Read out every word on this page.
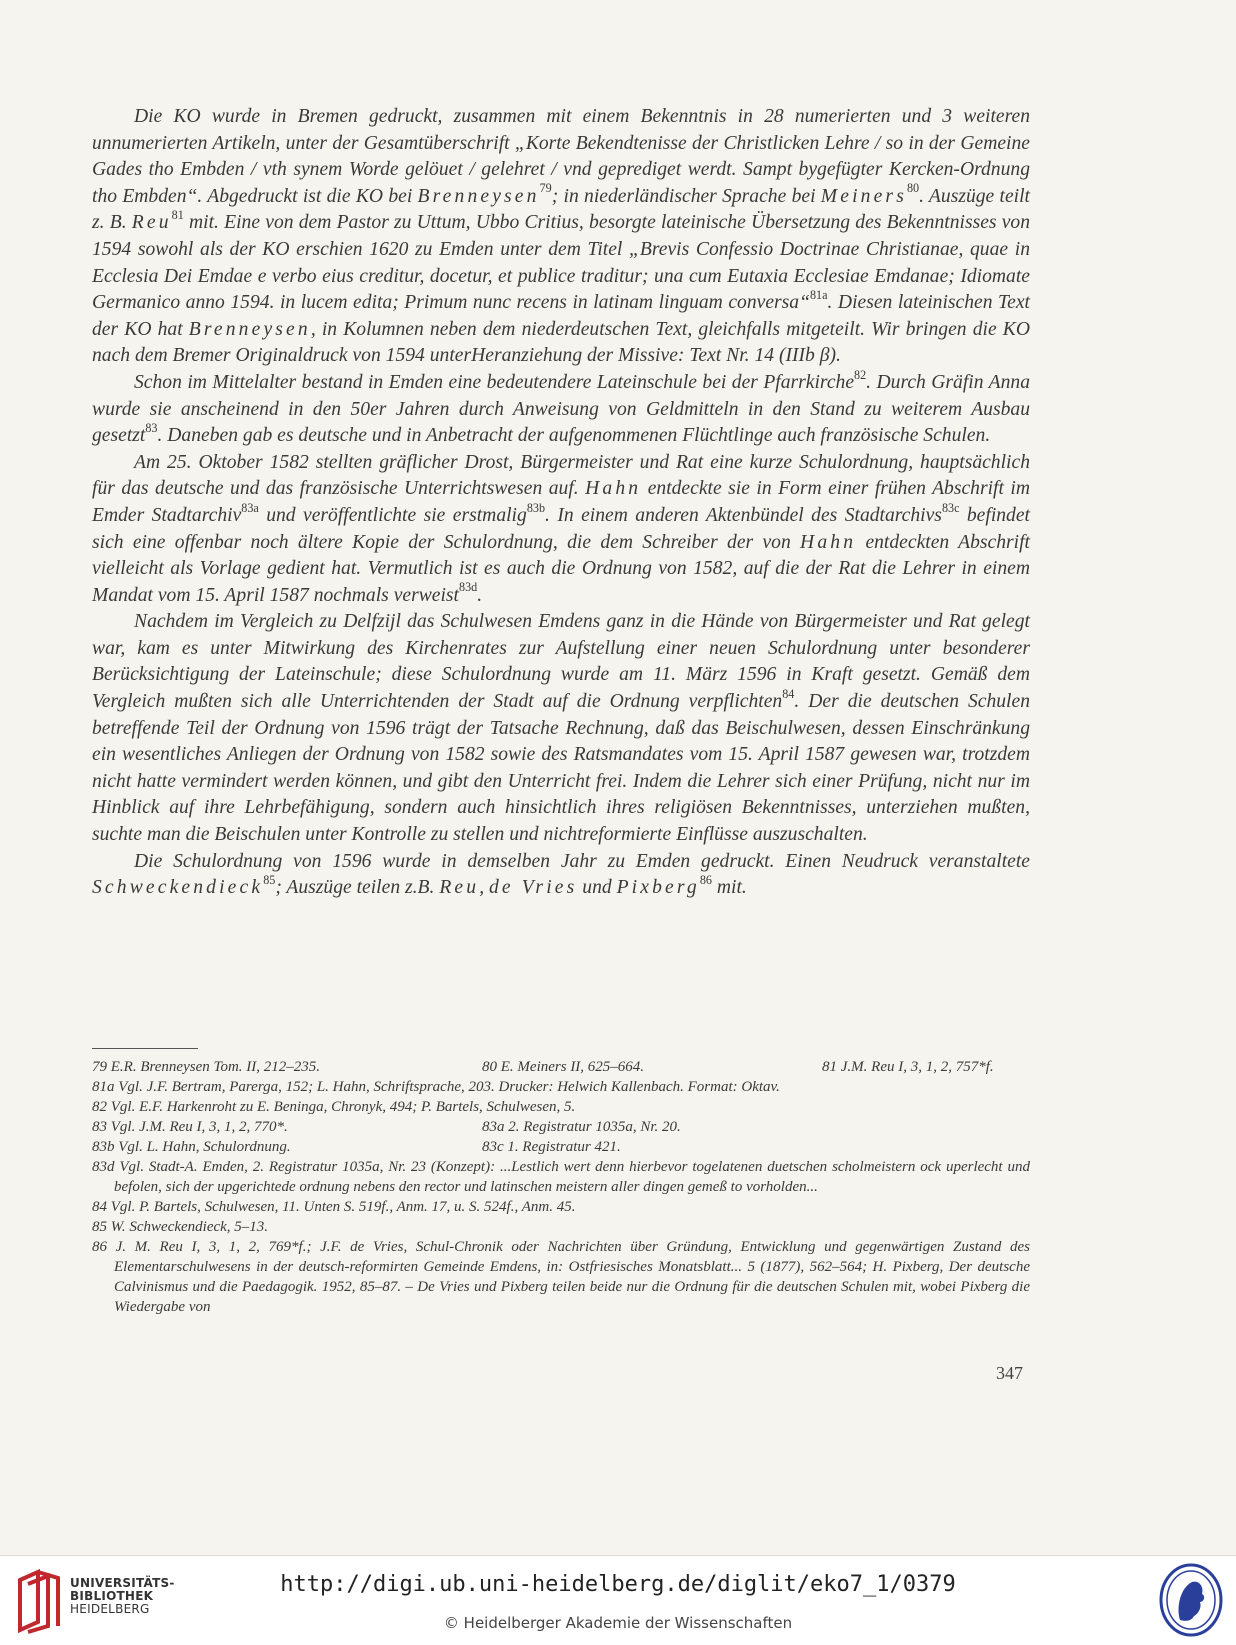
Die KO wurde in Bremen gedruckt, zusammen mit einem Bekenntnis in 28 numerierten und 3 weiteren unnumerierten Artikeln, unter der Gesamtüberschrift „Korte Bekendtenisse der Christlicken Lehre / so in der Gemeine Gades tho Embden / vth synem Worde gelöuet / gelehret / vnd geprediget werdt. Sampt bygefügter Kercken-Ordnung tho Embden“. Abgedruckt ist die KO bei Brenneysen$^{79}$; in niederländischer Sprache bei Meiners$^{80}$. Auszüge teilt z. B. Reu$^{81}$ mit. Eine von dem Pastor zu Uttum, Ubbo Critius, besorgte lateinische Übersetzung des Bekenntnisses von 1594 sowohl als der KO erschien 1620 zu Emden unter dem Titel „Brevis Confessio Doctrinae Christianae, quae in Ecclesia Dei Emdae e verbo eius creditur, docetur, et publice traditur; una cum Eutaxia Ecclesiae Emdanae; Idiomate Germanico anno 1594. in lucem edita; Primum nunc recens in latinam linguam conversa“$^{81a}$. Diesen lateinischen Text der KO hat Brenneysen, in Kolumnen neben dem niederdeutschen Text, gleichfalls mitgeteilt. Wir bringen die KO nach dem Bremer Originaldruck von 1594 unterHeranziehung der Missive: Text Nr. 14 (IIIb β).

Schon im Mittelalter bestand in Emden eine bedeutendere Lateinschule bei der Pfarrkirche$^{82}$. Durch Gräfin Anna wurde sie anscheinend in den 50er Jahren durch Anweisung von Geldmitteln in den Stand zu weiterem Ausbau gesetzt$^{83}$. Daneben gab es deutsche und in Anbetracht der aufgenommenen Flüchtlinge auch französische Schulen.

Am 25. Oktober 1582 stellten gräflicher Drost, Bürgermeister und Rat eine kurze Schulordnung, hauptsächlich für das deutsche und das französische Unterrichtswesen auf. Hahn entdeckte sie in Form einer frühen Abschrift im Emder Stadtarchiv$^{83a}$ und veröffentlichte sie erstmalig$^{83b}$. In einem anderen Aktenbündel des Stadtarchivs$^{83c}$ befindet sich eine offenbar noch ältere Kopie der Schulordnung, die dem Schreiber der von Hahn entdeckten Abschrift vielleicht als Vorlage gedient hat. Vermutlich ist es auch die Ordnung von 1582, auf die der Rat die Lehrer in einem Mandat vom 15. April 1587 nochmals verweist$^{83d}$.

Nachdem im Vergleich zu Delfzijl das Schulwesen Emdens ganz in die Hände von Bürgermeister und Rat gelegt war, kam es unter Mitwirkung des Kirchenrates zur Aufstellung einer neuen Schulordnung unter besonderer Berücksichtigung der Lateinschule; diese Schulordnung wurde am 11. März 1596 in Kraft gesetzt. Gemäß dem Vergleich mußten sich alle Unterrichtenden der Stadt auf die Ordnung verpflichten$^{84}$. Der die deutschen Schulen betreffende Teil der Ordnung von 1596 trägt der Tatsache Rechnung, daß das Beischulwesen, dessen Einschränkung ein wesentliches Anliegen der Ordnung von 1582 sowie des Ratsmandates vom 15. April 1587 gewesen war, trotzdem nicht hatte vermindert werden können, und gibt den Unterricht frei. Indem die Lehrer sich einer Prüfung, nicht nur im Hinblick auf ihre Lehrbefähigung, sondern auch hinsichtlich ihres religiösen Bekenntnisses, unterziehen mußten, suchte man die Beischulen unter Kontrolle zu stellen und nichtreformierte Einflüsse auszuschalten.

Die Schulordnung von 1596 wurde in demselben Jahr zu Emden gedruckt. Einen Neudruck veranstaltete Schweckendieck$^{85}$; Auszüge teilen z.B. Reu, de Vries und Pixberg$^{86}$ mit.

79 E.R. Brenneysen Tom. II, 212–235.	80 E. Meiners II, 625–664.	81 J.M. Reu I, 3, 1, 2, 757*f.

81a Vgl. J.F. Bertram, Parerga, 152; L. Hahn, Schriftsprache, 203. Drucker: Helwich Kallenbach. Format: Oktav.

82 Vgl. E.F. Harkenroht zu E. Beninga, Chronyk, 494; P. Bartels, Schulwesen, 5.

83 Vgl. J.M. Reu I, 3, 1, 2, 770*.	83a 2. Registratur 1035a, Nr. 20.
83b Vgl. L. Hahn, Schulordnung.	83c 1. Registratur 421.

83d Vgl. Stadt-A. Emden, 2. Registratur 1035a, Nr. 23 (Konzept): ...Lestlich wert denn hierbevor togelatenen duetschen scholmeistern ock uperlecht und befolen, sich der upgerichtede ordnung nebens den rector und latinschen meistern aller dingen gemeß to vorholden...

84 Vgl. P. Bartels, Schulwesen, 11. Unten S. 519f., Anm. 17, u. S. 524f., Anm. 45.

85 W. Schweckendieck, 5–13.

86 J. M. Reu I, 3, 1, 2, 769*f.; J.F. de Vries, Schul-Chronik oder Nachrichten über Gründung, Entwicklung und gegenwärtigen Zustand des Elementarschulwesens in der deutsch-reformirten Gemeinde Emdens, in: Ostfriesisches Monatsblatt... 5 (1877), 562–564; H. Pixberg, Der deutsche Calvinismus und die Paedagogik. 1952, 85–87. – De Vries und Pixberg teilen beide nur die Ordnung für die deutschen Schulen mit, wobei Pixberg die Wiedergabe von

347
UNIVERSITÄTS-
BIBLIOTHEK
HEIDELBERG
http://digi.ub.uni-heidelberg.de/diglit/eko7_1/0379
© Heidelberger Akademie der Wissenschaften
